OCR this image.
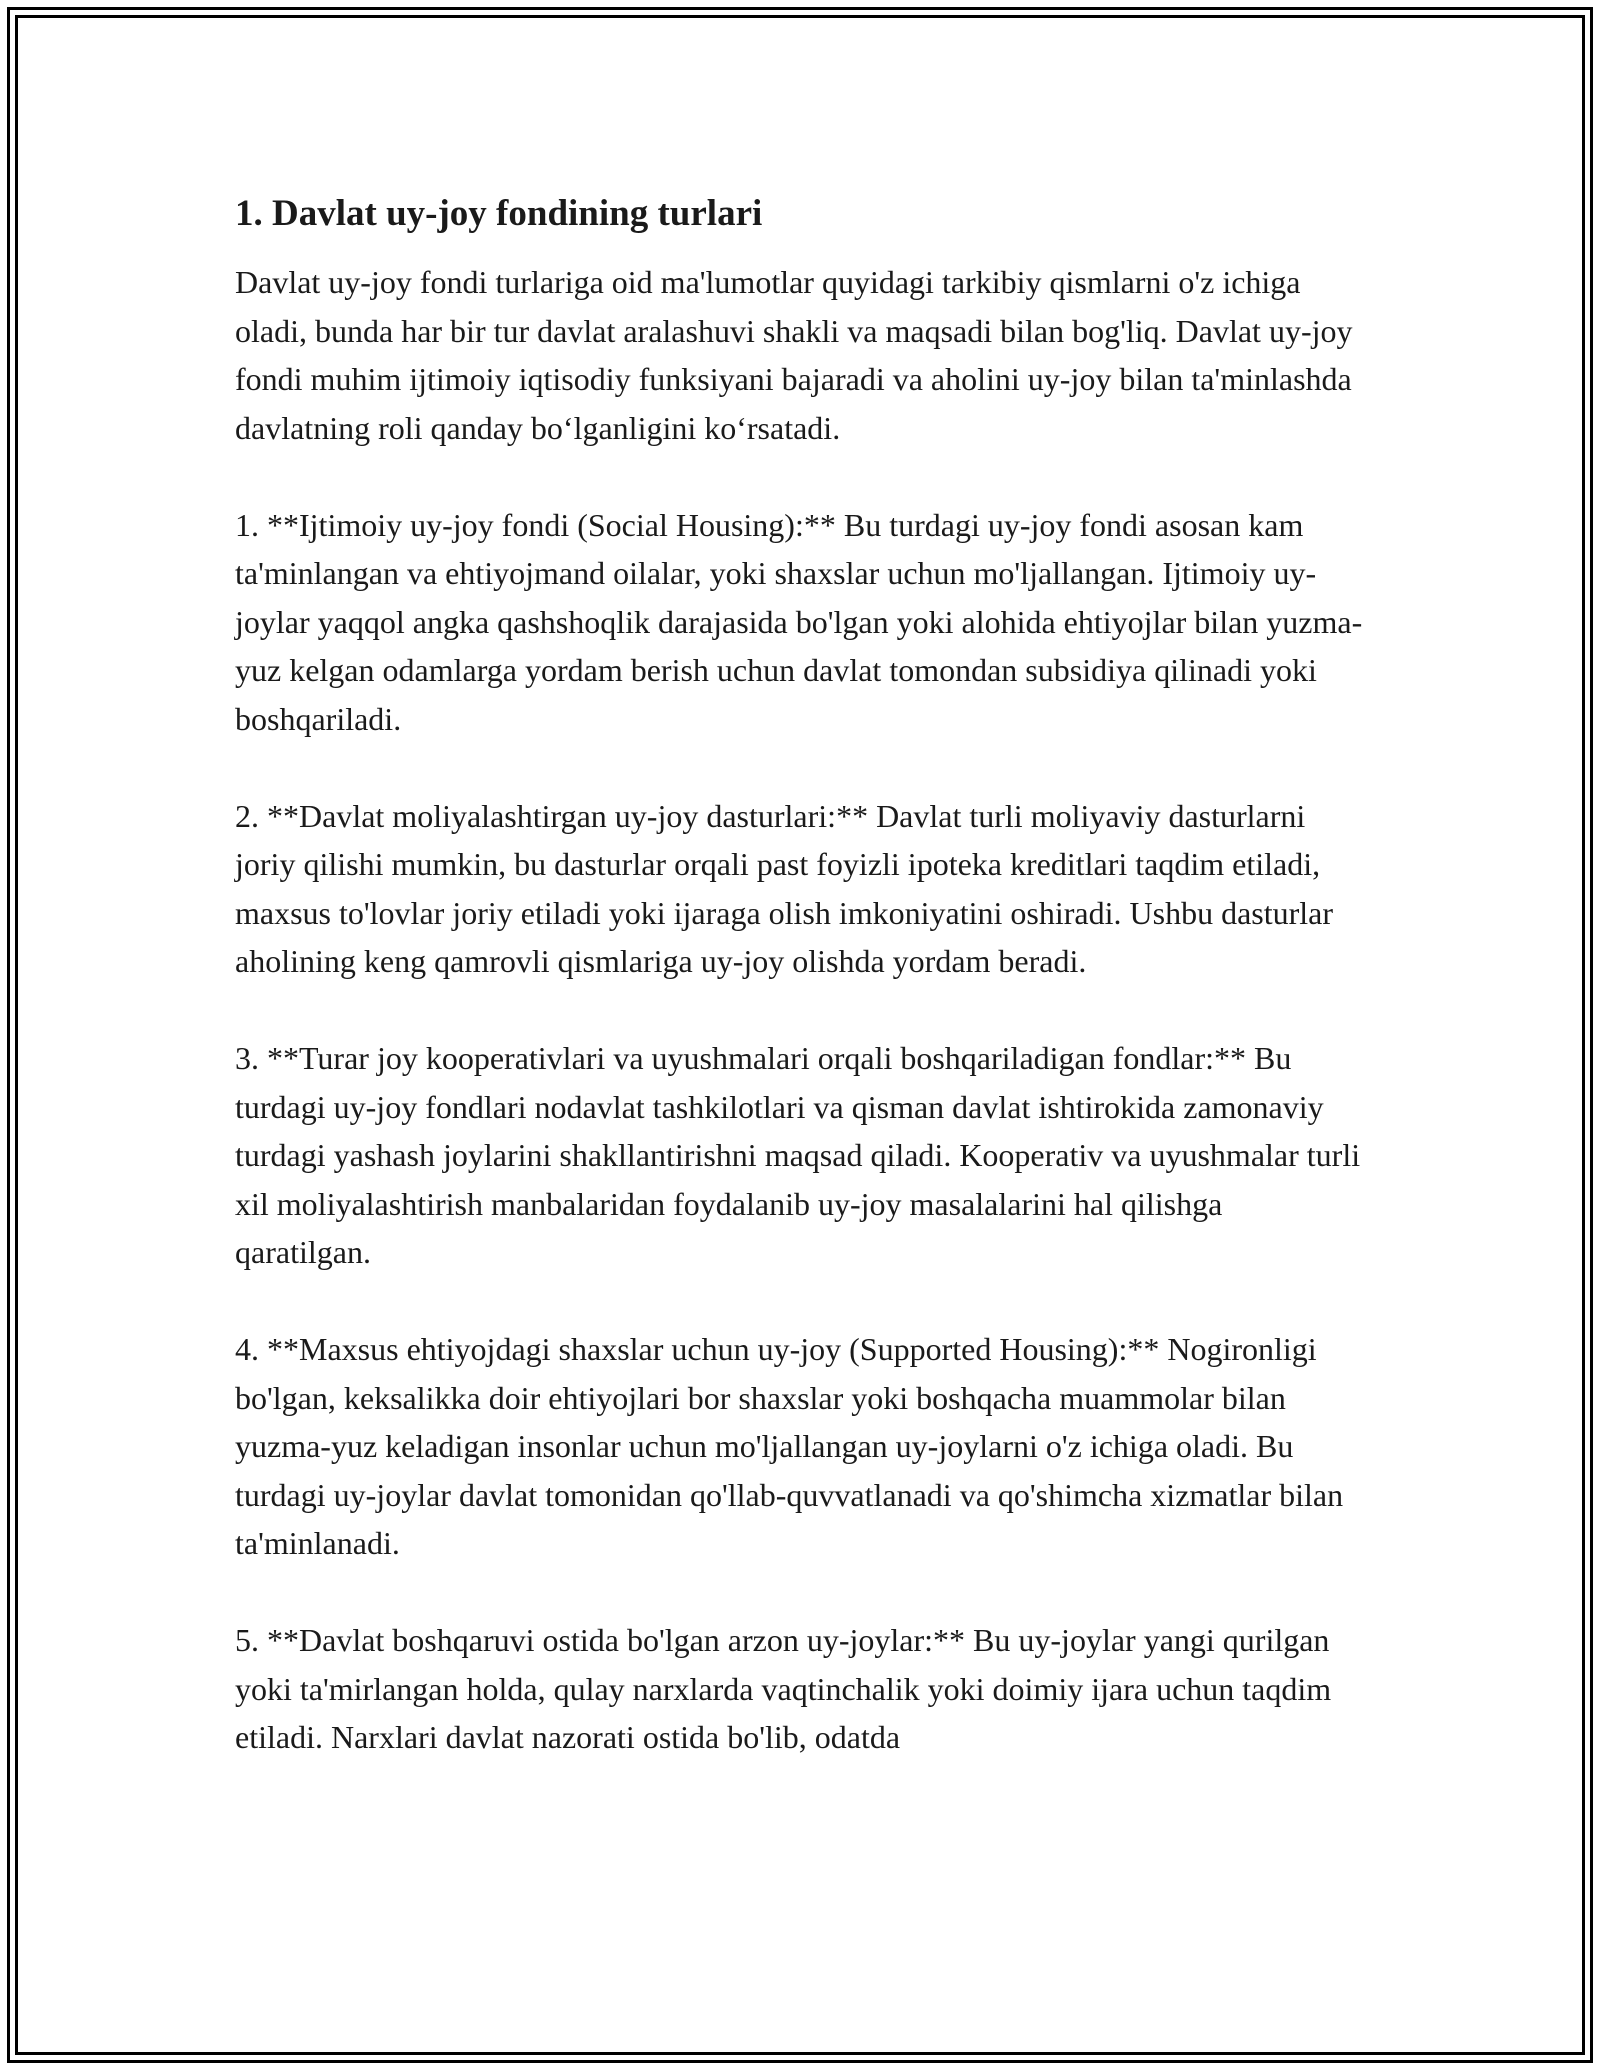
1. Davlat uy-joy fondining turlari

Davlat uy-joy fondi turlariga oid ma'lumotlar quyidagi tarkibiy qismlarni o'z ichiga oladi, bunda har bir tur davlat aralashuvi shakli va maqsadi bilan bog'liq. Davlat uy-joy fondi muhim ijtimoiy iqtisodiy funksiyani bajaradi va aholini uy-joy bilan ta'minlashda davlatning roli qanday bo‘lganligini ko‘rsatadi.

1. **Ijtimoiy uy-joy fondi (Social Housing):** Bu turdagi uy-joy fondi asosan kam ta'minlangan va ehtiyojmand oilalar, yoki shaxslar uchun mo'ljallangan. Ijtimoiy uy-joylar yaqqol angka qashshoqlik darajasida bo'lgan yoki alohida ehtiyojlar bilan yuzma-yuz kelgan odamlarga yordam berish uchun davlat tomondan subsidiya qilinadi yoki boshqariladi.

2. **Davlat moliyalashtirgan uy-joy dasturlari:** Davlat turli moliyaviy dasturlarni joriy qilishi mumkin, bu dasturlar orqali past foyizli ipoteka kreditlari taqdim etiladi, maxsus to'lovlar joriy etiladi yoki ijaraga olish imkoniyatini oshiradi. Ushbu dasturlar aholining keng qamrovli qismlariga uy-joy olishda yordam beradi.

3. **Turar joy kooperativlari va uyushmalari orqali boshqariladigan fondlar:** Bu turdagi uy-joy fondlari nodavlat tashkilotlari va qisman davlat ishtirokida zamonaviy turdagi yashash joylarini shakllantirishni maqsad qiladi. Kooperativ va uyushmalar turli xil moliyalashtirish manbalaridan foydalanib uy-joy masalalarini hal qilishga qaratilgan.

4. **Maxsus ehtiyojdagi shaxslar uchun uy-joy (Supported Housing):** Nogironligi bo'lgan, keksalikka doir ehtiyojlari bor shaxslar yoki boshqacha muammolar bilan yuzma-yuz keladigan insonlar uchun mo'ljallangan uy-joylarni o'z ichiga oladi. Bu turdagi uy-joylar davlat tomonidan qo'llab-quvvatlanadi va qo'shimcha xizmatlar bilan ta'minlanadi.

5. **Davlat boshqaruvi ostida bo'lgan arzon uy-joylar:** Bu uy-joylar yangi qurilgan yoki ta'mirlangan holda, qulay narxlarda vaqtinchalik yoki doimiy ijara uchun taqdim etiladi. Narxlari davlat nazorati ostida bo'lib, odatda
